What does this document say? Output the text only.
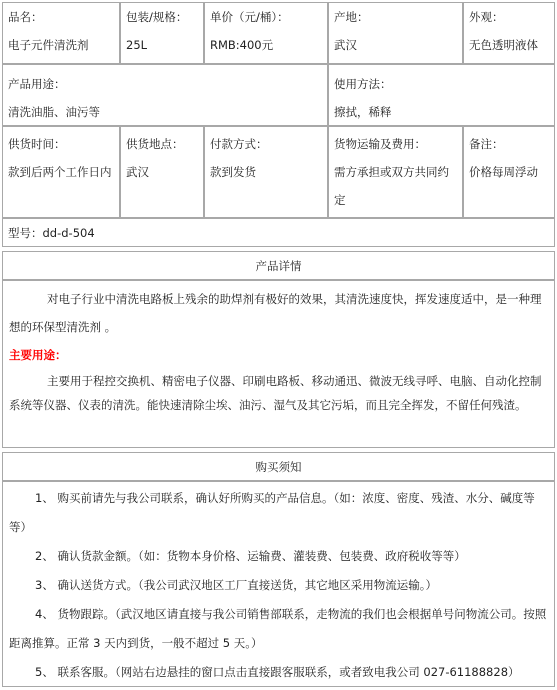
品名：
电子元件清洗剂
包装/规格：
25L
单价（元/桶）：
RMB:400元
产地：
武汉
外观：
无色透明液体
产品用途：
清洗油脂、油污等
使用方法：
擦拭，稀释
供货时间：
款到后两个工作日内
供货地点：
武汉
付款方式：
款到发货
货物运输及费用：
需方承担或双方共同约定
备注：
价格每周浮动
型号：dd-d-504
产品详情

对电子行业中清洗电路板上残余的助焊剂有极好的效果，其清洗速度快，挥发速度适中，是一种理想的环保型清洗剂 。

主要用途：

主要用于程控交换机、精密电子仪器、印刷电路板、移动通迅、微波无线寻呼、电脑、自动化控制系统等仪器、仪表的清洗。能快速清除尘埃、油污、湿气及其它污垢，而且完全挥发，不留任何残渣。

购买须知

1、 购买前请先与我公司联系，确认好所购买的产品信息。（如：浓度、密度、残渣、水分、碱度等等）

2、 确认货款金额。（如：货物本身价格、运输费、灌装费、包装费、政府税收等等）

3、 确认送货方式。（我公司武汉地区工厂直接送货，其它地区采用物流运输。）

4、 货物跟踪。（武汉地区请直接与我公司销售部联系，走物流的我们也会根据单号问物流公司。按照距离推算。正常 3 天内到货，一般不超过 5 天。）

5、 联系客服。（网站右边悬挂的窗口点击直接跟客服联系，或者致电我公司 027-61188828）
